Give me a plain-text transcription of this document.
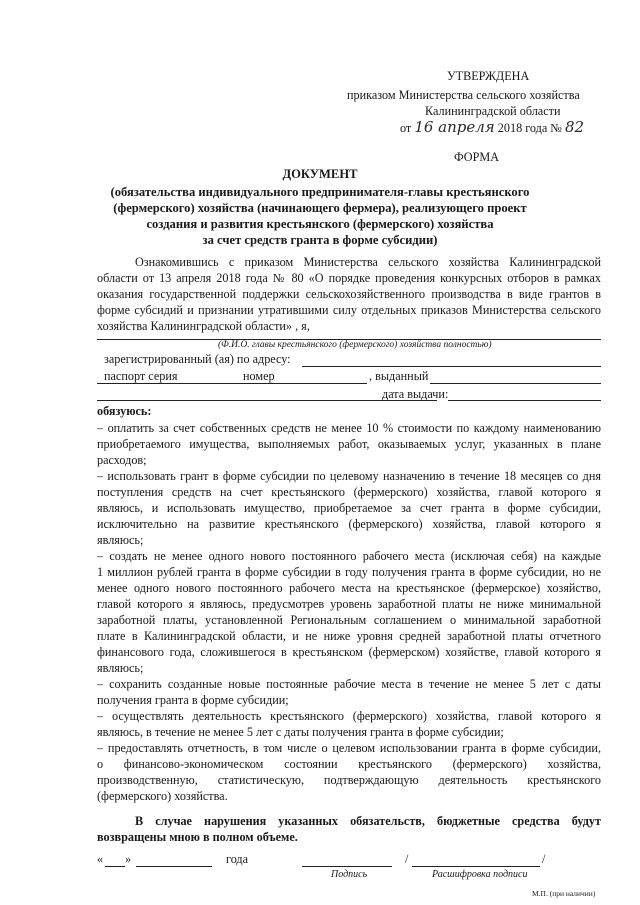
УТВЕРЖДЕНА
приказом Министерства сельского хозяйства
Калининградской области
от 16 апреля 2018 года № 82
ФОРМА
ДОКУМЕНТ
(обязательства индивидуального предпринимателя-главы крестьянского
(фермерского) хозяйства (начинающего фермера), реализующего проект
создания и развития крестьянского (фермерского) хозяйства
за счет средств гранта в форме субсидии)
Ознакомившись с приказом Министерства сельского хозяйства Калининградской
области от 13 апреля 2018 года № 80 «О порядке проведения конкурсных отборов в рамках
оказания государственной поддержки сельскохозяйственного производства в виде грантов в
форме субсидий и признании утратившими силу отдельных приказов Министерства сельского
хозяйства Калининградской области» , я,
(Ф.И.О. главы крестьянского (фермерского) хозяйства полностью)
зарегистрированный (ая) по адресу:
паспорт серия	номер	, выданный
дата выдачи:
обязуюсь:
– оплатить за счет собственных средств не менее 10 % стоимости по каждому наименованию
приобретаемого имущества, выполняемых работ, оказываемых услуг, указанных в плане
расходов;
– использовать грант в форме субсидии по целевому назначению в течение 18 месяцев со дня
поступления средств на счет крестьянского (фермерского) хозяйства, главой которого я
являюсь, и использовать имущество, приобретаемое за счет гранта в форме субсидии,
исключительно на развитие крестьянского (фермерского) хозяйства, главой которого я
являюсь;
– создать не менее одного нового постоянного рабочего места (исключая себя) на каждые
1 миллион рублей гранта в форме субсидии в году получения гранта в форме субсидии, но не
менее одного нового постоянного рабочего места на крестьянское (фермерское) хозяйство,
главой которого я являюсь, предусмотрев уровень заработной платы не ниже минимальной
заработной платы, установленной Региональным соглашением о минимальной заработной
плате в Калининградской области, и не ниже уровня средней заработной платы отчетного
финансового года, сложившегося в крестьянском (фермерском) хозяйстве, главой которого я
являюсь;
– сохранить созданные новые постоянные рабочие места в течение не менее 5 лет с даты
получения гранта в форме субсидии;
– осуществлять деятельность крестьянского (фермерского) хозяйства, главой которого я
являюсь, в течение не менее 5 лет с даты получения гранта в форме субсидии;
– предоставлять отчетность, в том числе о целевом использовании гранта в форме субсидии,
о финансово-экономическом состоянии крестьянского (фермерского) хозяйства,
производственную, статистическую, подтверждающую деятельность крестьянского
(фермерского) хозяйства.
В случае нарушения указанных обязательств, бюджетные средства будут
возвращены мною в полном объеме.
« »	года	/	/
Подпись	Расшифровка подписи
М.П. (при наличии)
